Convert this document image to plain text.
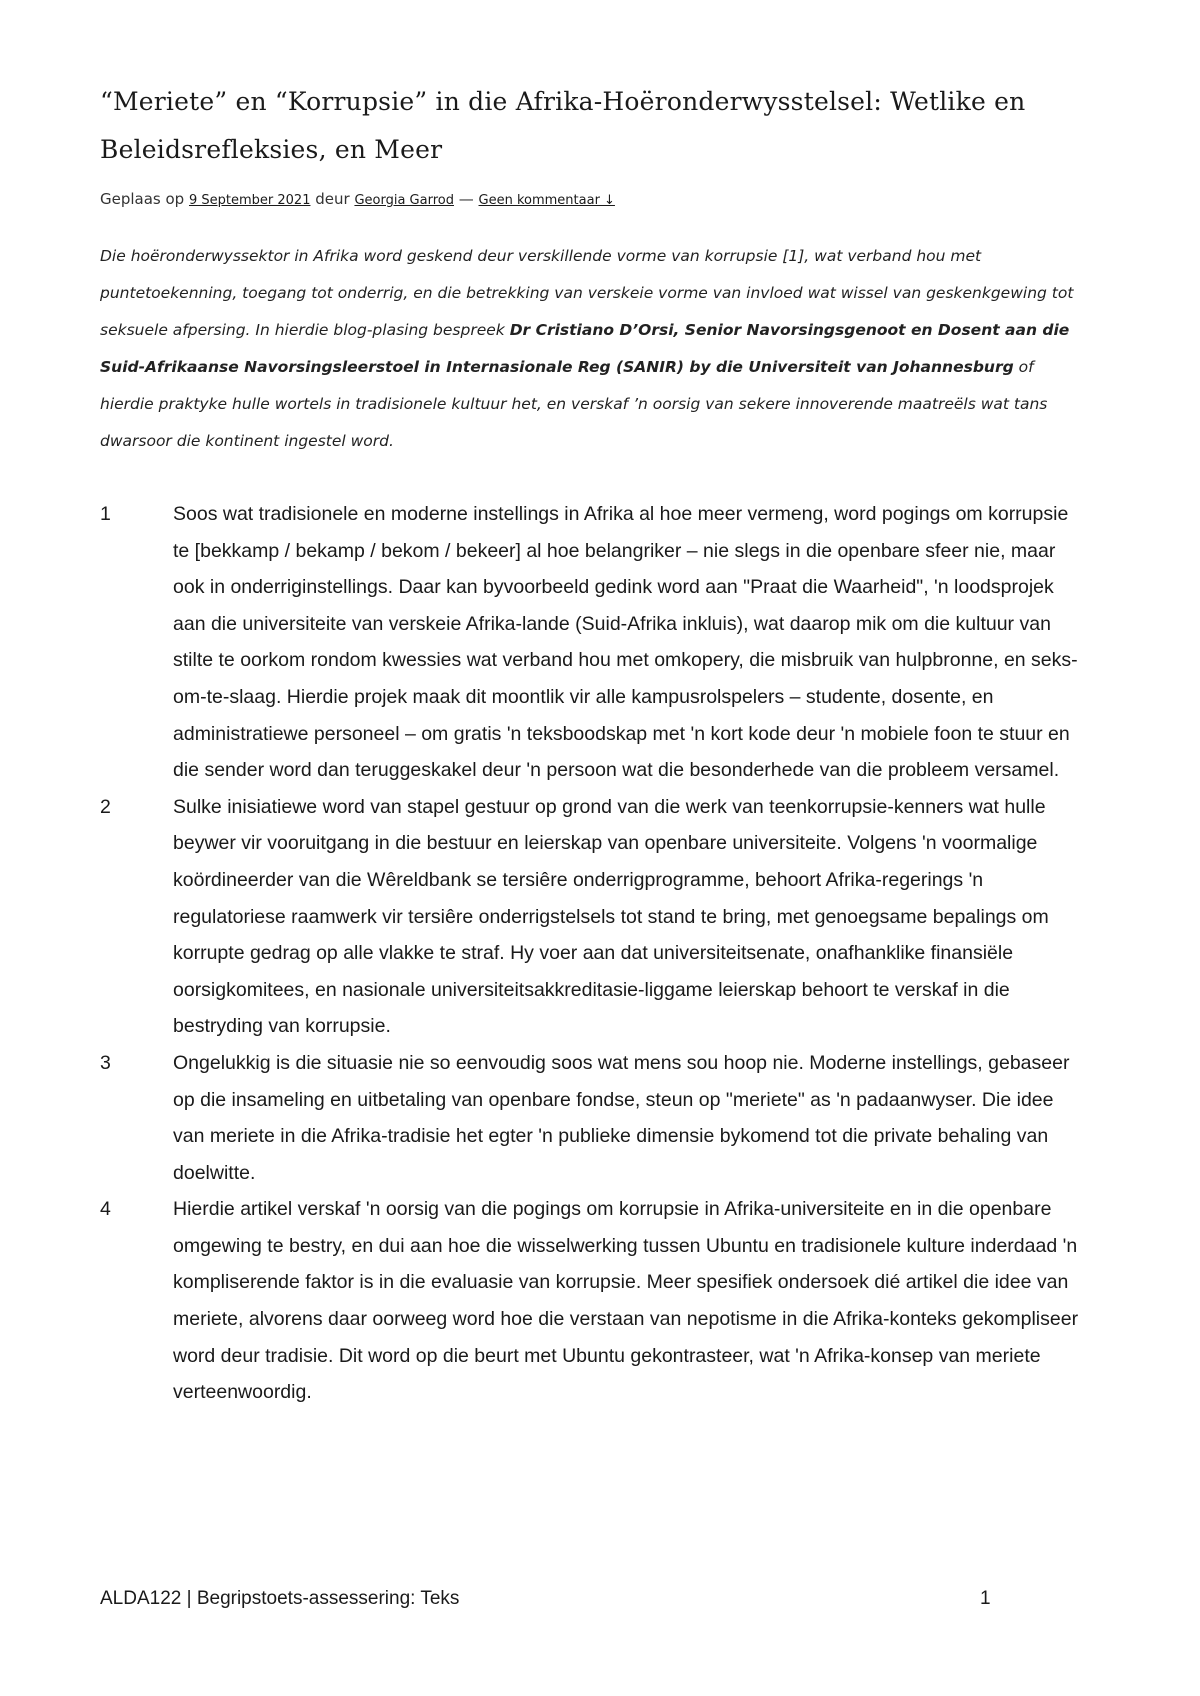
“Meriete” en “Korrupsie” in die Afrika-Hoëronderwysstelsel: Wetlike en Beleidsrefleksies, en Meer
Geplaas op 9 September 2021 deur Georgia Garrod — Geen kommentaar ↓

Die hoëronderwyssektor in Afrika word geskend deur verskillende vorme van korrupsie [1], wat verband hou met puntetoekenning, toegang tot onderrig, en die betrekking van verskeie vorme van invloed wat wissel van geskenkgewing tot seksuele afpersing. In hierdie blog-plasing bespreek Dr Cristiano D’Orsi, Senior Navorsingsgenoot en Dosent aan die Suid-Afrikaanse Navorsingsleerstoel in Internasionale Reg (SANIR) by die Universiteit van Johannesburg of hierdie praktyke hulle wortels in tradisionele kultuur het, en verskaf ’n oorsig van sekere innoverende maatreëls wat tans dwarsoor die kontinent ingestel word.

1	Soos wat tradisionele en moderne instellings in Afrika al hoe meer vermeng, word pogings om korrupsie te [bekkamp / bekamp / bekom / bekeer] al hoe belangriker – nie slegs in die openbare sfeer nie, maar ook in onderriginstellings. Daar kan byvoorbeeld gedink word aan "Praat die Waarheid", 'n loodsprojek aan die universiteite van verskeie Afrika-lande (Suid-Afrika inkluis), wat daarop mik om die kultuur van stilte te oorkom rondom kwessies wat verband hou met omkopery, die misbruik van hulpbronne, en seks-om-te-slaag. Hierdie projek maak dit moontlik vir alle kampusrolspelers – studente, dosente, en administratiewe personeel – om gratis 'n teksboodskap met 'n kort kode deur 'n mobiele foon te stuur en die sender word dan teruggeskakel deur 'n persoon wat die besonderhede van die probleem versamel.
2	Sulke inisiatiewe word van stapel gestuur op grond van die werk van teenkorrupsie-kenners wat hulle beywer vir vooruitgang in die bestuur en leierskap van openbare universiteite. Volgens 'n voormalige koördineerder van die Wêreldbank se tersiêre onderrigprogramme, behoort Afrika-regerings 'n regulatoriese raamwerk vir tersiêre onderrigstelsels tot stand te bring, met genoegsame bepalings om korrupte gedrag op alle vlakke te straf. Hy voer aan dat universiteitsenate, onafhanklike finansiële oorsigkomitees, en nasionale universiteitsakkreditasie-liggame leierskap behoort te verskaf in die bestryding van korrupsie.
3	Ongelukkig is die situasie nie so eenvoudig soos wat mens sou hoop nie. Moderne instellings, gebaseer op die insameling en uitbetaling van openbare fondse, steun op "meriete" as 'n padaanwyser. Die idee van meriete in die Afrika-tradisie het egter 'n publieke dimensie bykomend tot die private behaling van doelwitte.
4	Hierdie artikel verskaf 'n oorsig van die pogings om korrupsie in Afrika-universiteite en in die openbare omgewing te bestry, en dui aan hoe die wisselwerking tussen Ubuntu en tradisionele kulture inderdaad 'n kompliserende faktor is in die evaluasie van korrupsie. Meer spesifiek ondersoek dié artikel die idee van meriete, alvorens daar oorweeg word hoe die verstaan van nepotisme in die Afrika-konteks gekompliseer word deur tradisie. Dit word op die beurt met Ubuntu gekontrasteer, wat 'n Afrika-konsep van meriete verteenwoordig.
ALDA122 | Begripstoets-assessering: Teks	1
